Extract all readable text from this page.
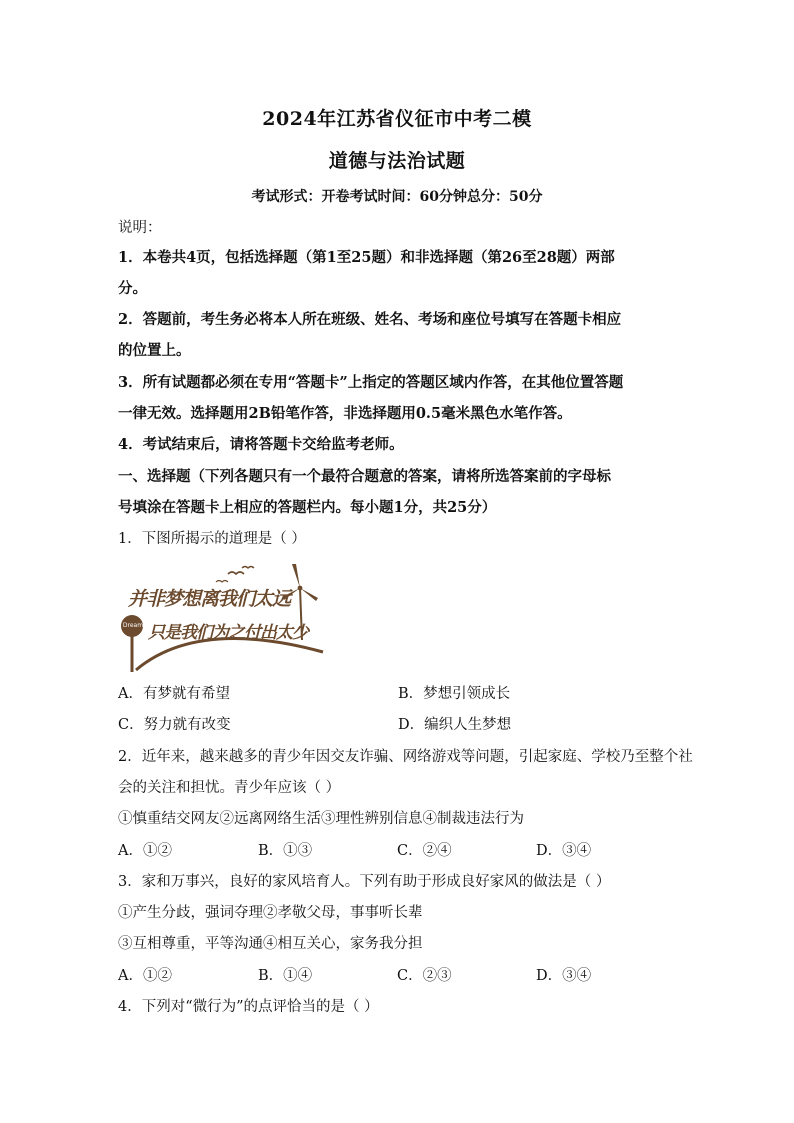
2024年江苏省仪征市中考二模
道德与法治试题
考试形式：开卷考试时间：60分钟总分：50分
说明：
1．本卷共4页，包括选择题（第1至25题）和非选择题（第26至28题）两部
分。
2．答题前，考生务必将本人所在班级、姓名、考场和座位号填写在答题卡相应
的位置上。
3．所有试题都必须在专用“答题卡”上指定的答题区域内作答，在其他位置答题
一律无效。选择题用2B铅笔作答，非选择题用0.5毫米黑色水笔作答。
4．考试结束后，请将答题卡交给监考老师。
一、选择题（下列各题只有一个最符合题意的答案，请将所选答案前的字母标
号填涂在答题卡上相应的答题栏内。每小题1分，共25分）
1．下图所揭示的道理是（ ）
并非梦想离我们太远
只是我们为之付出太少
Dream
A．有梦就有希望	B．梦想引领成长
C．努力就有改变	D．编织人生梦想
2．近年来，越来越多的青少年因交友诈骗、网络游戏等问题，引起家庭、学校乃至整个社
会的关注和担忧。青少年应该（ ）
①慎重结交网友②远离网络生活③理性辨别信息④制裁违法行为
A．①②	B．①③	C．②④	D．③④
3．家和万事兴，良好的家风培育人。下列有助于形成良好家风的做法是（ ）
①产生分歧，强词夺理②孝敬父母，事事听长辈
③互相尊重，平等沟通④相互关心，家务我分担
A．①②	B．①④	C．②③	D．③④
4．下列对“微行为”的点评恰当的是（ ）
